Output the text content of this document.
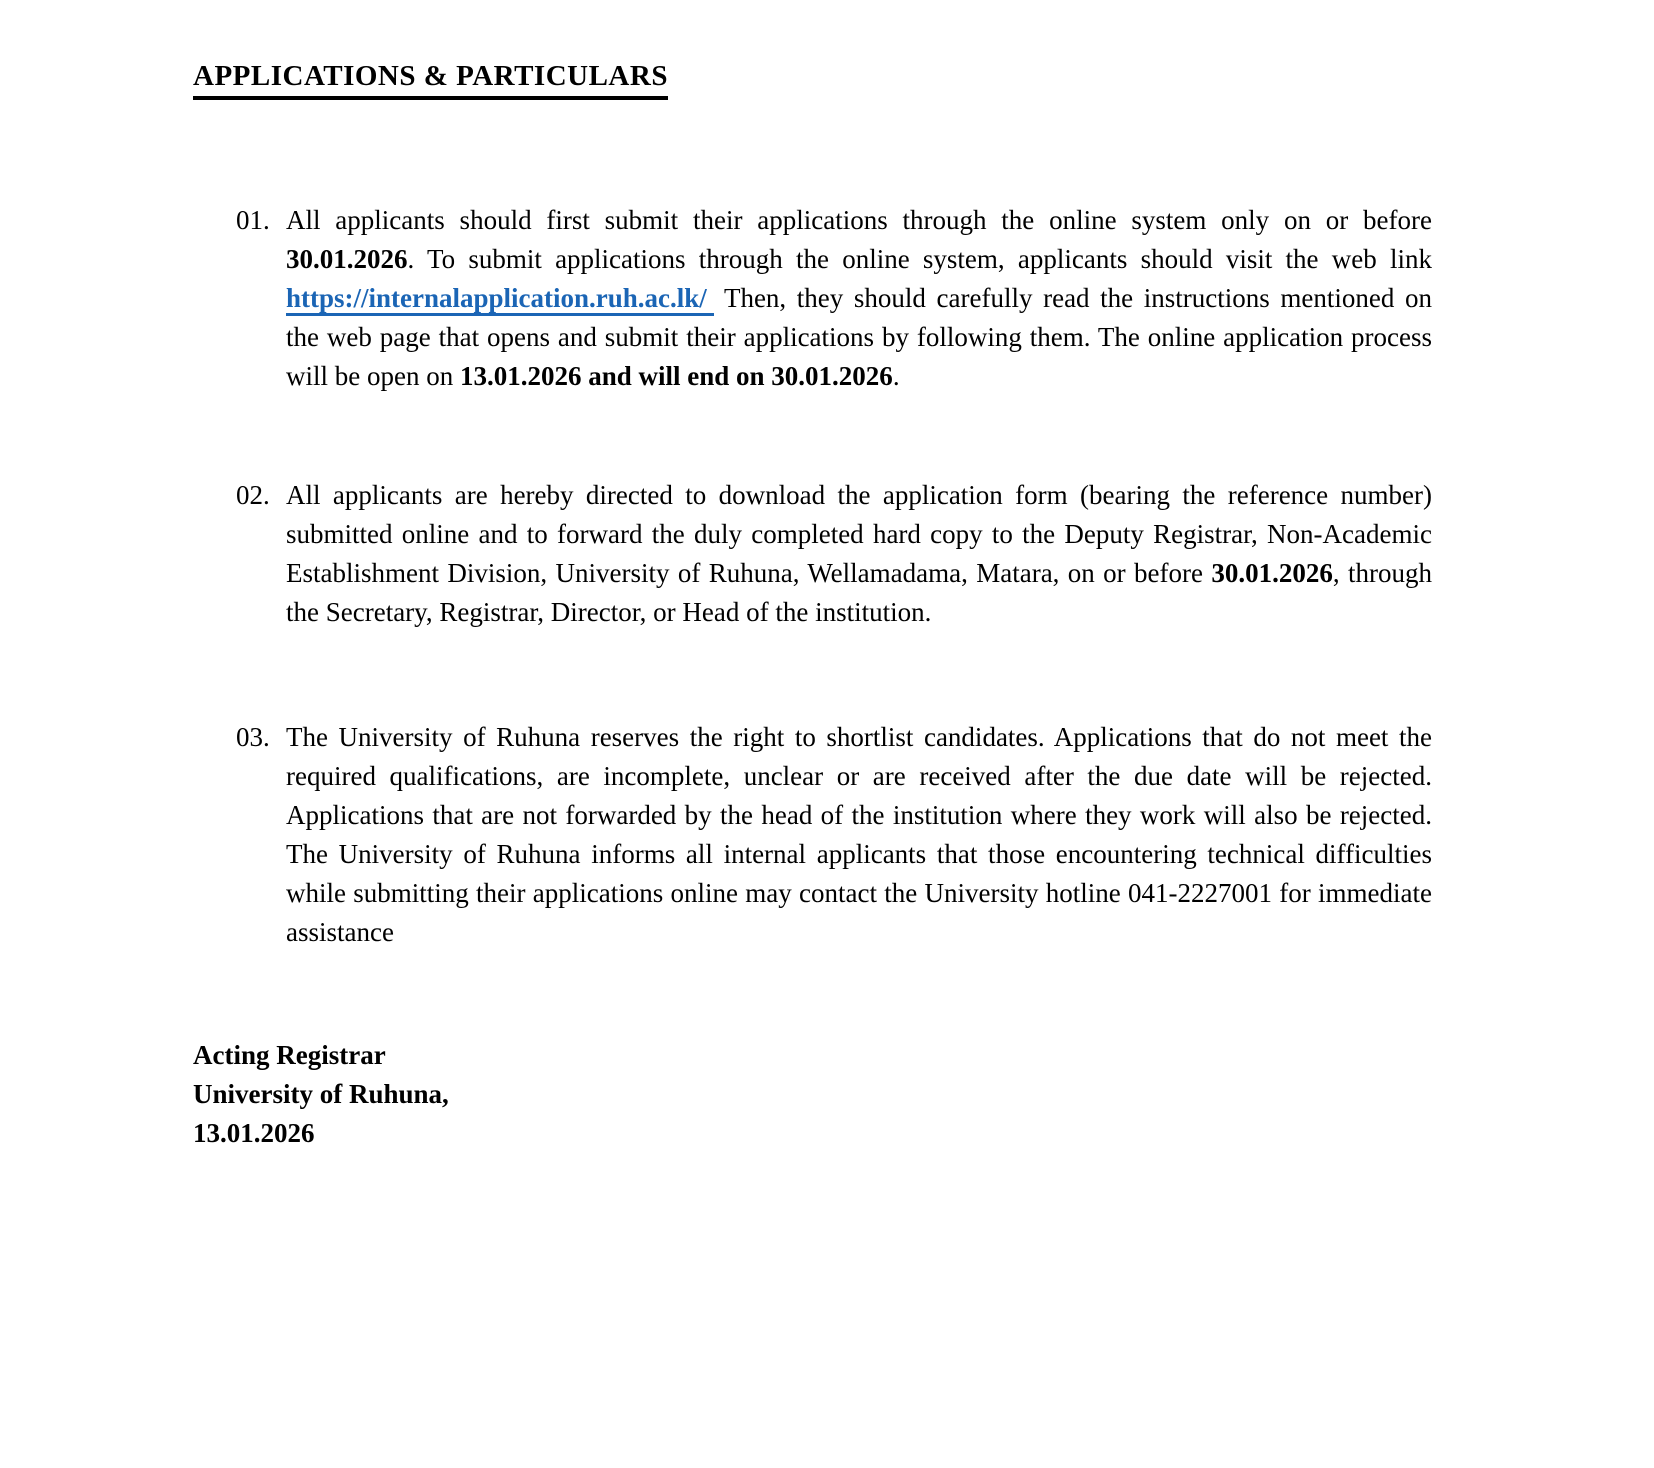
APPLICATIONS & PARTICULARS
01. All applicants should first submit their applications through the online system only on or before 30.01.2026. To submit applications through the online system, applicants should visit the web link https://internalapplication.ruh.ac.lk/ Then, they should carefully read the instructions mentioned on the web page that opens and submit their applications by following them. The online application process will be open on 13.01.2026 and will end on 30.01.2026.
02. All applicants are hereby directed to download the application form (bearing the reference number) submitted online and to forward the duly completed hard copy to the Deputy Registrar, Non-Academic Establishment Division, University of Ruhuna, Wellamadama, Matara, on or before 30.01.2026, through the Secretary, Registrar, Director, or Head of the institution.
03. The University of Ruhuna reserves the right to shortlist candidates. Applications that do not meet the required qualifications, are incomplete, unclear or are received after the due date will be rejected. Applications that are not forwarded by the head of the institution where they work will also be rejected. The University of Ruhuna informs all internal applicants that those encountering technical difficulties while submitting their applications online may contact the University hotline 041-2227001 for immediate assistance
Acting Registrar
University of Ruhuna,
13.01.2026
